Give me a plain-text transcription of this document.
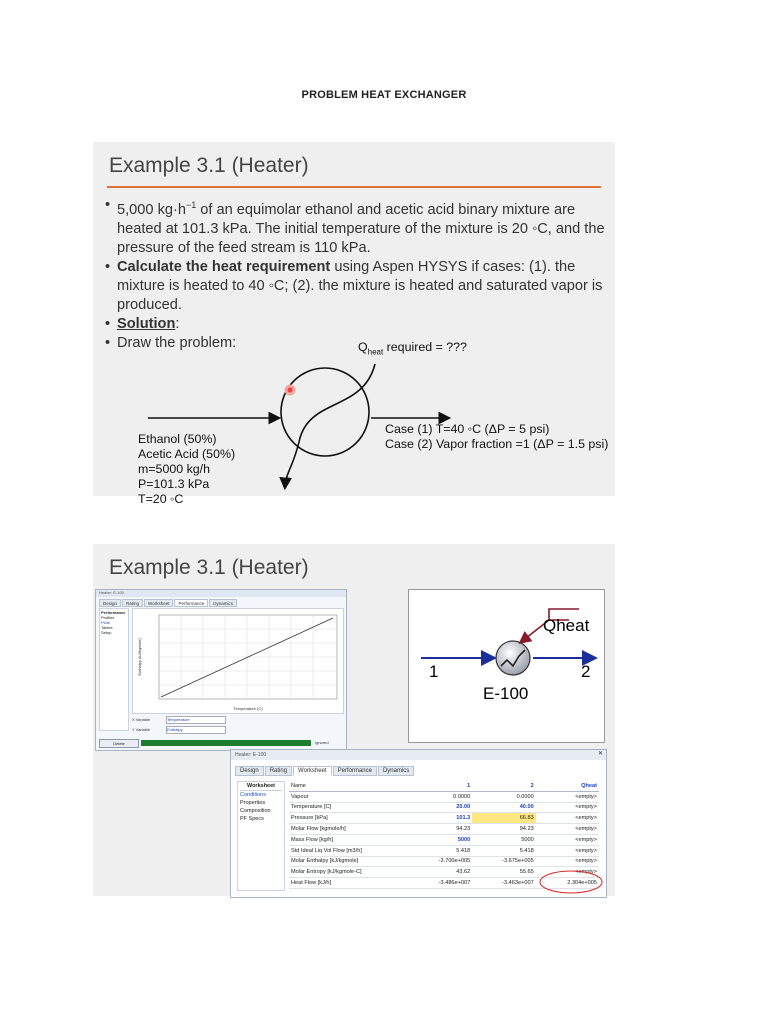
PROBLEM HEAT EXCHANGER
Example 3.1 (Heater)
• 5,000 $kg\cdot h^{-1}$ of an equimolar ethanol and acetic acid binary mixture are heated at 101.3 kPa. The initial temperature of the mixture is 20 ◦C, and the pressure of the feed stream is 110 kPa.
• Calculate the heat requirement using Aspen HYSYS if cases: (1). the mixture is heated to 40 ◦C; (2). the mixture is heated and saturated vapor is produced.
• Solution:
• Draw the problem:	$Q_{heat}$ required = ???
Ethanol (50%)
Acetic Acid (50%)
m=5000 kg/h
P=101.3 kPa
T=20 ◦C
Case (1) T=40 ◦C (ΔP = 5 psi)
Case (2) Vapor fraction =1 (ΔP = 1.5 psi)
Example 3.1 (Heater)
Heater: E-100
Design	Rating	Worksheet	Performance	Dynamics
Performance
Profiles
Plots
Tables
Setup
Temperature (C)
Enthalpy (kJ/kgmole)
X Variable	Temperature
Y Variable	Enthalpy
Delete	Ignored
Qheat
1	2
E-100
Heater: E-100	✕
Design	Rating	Worksheet	Performance	Dynamics
Worksheet
Conditions
Properties
Composition
PF Specs
Name	1	2	Qheat
Vapour	0.0000	0.0000	<empty>
Temperature [C]	20.00	40.00	<empty>
Pressure [kPa]	101.3	66.83	<empty>
Molar Flow [kgmole/h]	94.23	94.23	<empty>
Mass Flow [kg/h]	5000	5000	<empty>
Std Ideal Liq Vol Flow [m3/h]	5.418	5.418	<empty>
Molar Enthalpy [kJ/kgmole]	-3.700e+005	-3.675e+005	<empty>
Molar Entropy [kJ/kgmole-C]	43.62	55.65	<empty>
Heat Flow [kJ/h]	-3.486e+007	-3.463e+007	2.304e+005
